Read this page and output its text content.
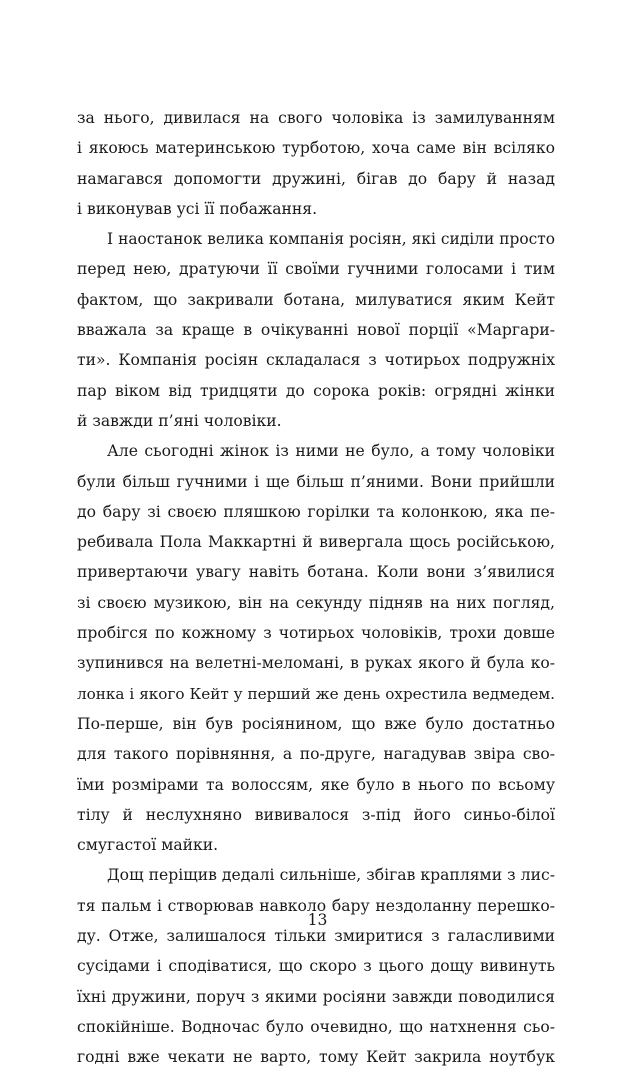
за нього, дивилася на свого чоловіка із замилуванням
і якоюсь материнською турботою, хоча саме він всіляко
намагався допомогти дружині, бігав до бару й назад
і виконував усі її побажання.
І наостанок велика компанія росіян, які сиділи просто
перед нею, дратуючи її своїми гучними голосами і тим
фактом, що закривали ботана, милуватися яким Кейт
вважала за краще в очікуванні нової порції «Маргари-
ти». Компанія росіян складалася з чотирьох подружніх
пар віком від тридцяти до сорока років: огрядні жінки
й завжди п’яні чоловіки.
Але сьогодні жінок із ними не було, а тому чоловіки
були більш гучними і ще більш п’яними. Вони прийшли
до бару зі своєю пляшкою горілки та колонкою, яка пе-
ребивала Пола Маккартні й вивергала щось російською,
привертаючи увагу навіть ботана. Коли вони з’явилися
зі своєю музикою, він на секунду підняв на них погляд,
пробігся по кожному з чотирьох чоловіків, трохи довше
зупинився на велетні-меломані, в руках якого й була ко-
лонка і якого Кейт у перший же день охрестила ведмедем.
По-перше, він був росіянином, що вже було достатньо
для такого порівняння, а по-друге, нагадував звіра сво-
їми розмірами та волоссям, яке було в нього по всьому
тілу й неслухняно вививалося з-під його синьо-білої
смугастої майки.
Дощ періщив дедалі сильніше, збігав краплями з лис-
тя пальм і створював навколо бару нездоланну перешко-
ду. Отже, залишалося тільки змиритися з галасливими
сусідами і сподіватися, що скоро з цього дощу вивинуть
їхні дружини, поруч з якими росіяни завжди поводилися
спокійніше. Водночас було очевидно, що натхнення сьо-
годні вже чекати не варто, тому Кейт закрила ноутбук
13
